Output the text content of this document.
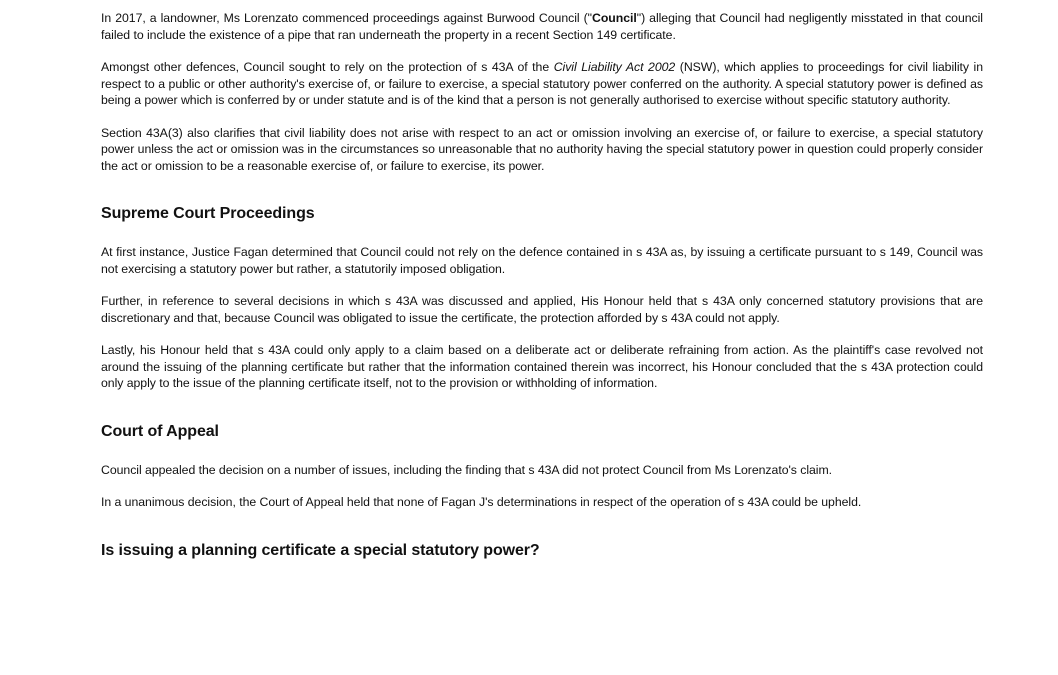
In 2017, a landowner, Ms Lorenzato commenced proceedings against Burwood Council ("Council") alleging that Council had negligently misstated in that council failed to include the existence of a pipe that ran underneath the property in a recent Section 149 certificate.

Amongst other defences, Council sought to rely on the protection of s 43A of the Civil Liability Act 2002 (NSW), which applies to proceedings for civil liability in respect to a public or other authority's exercise of, or failure to exercise, a special statutory power conferred on the authority. A special statutory power is defined as being a power which is conferred by or under statute and is of the kind that a person is not generally authorised to exercise without specific statutory authority.

Section 43A(3) also clarifies that civil liability does not arise with respect to an act or omission involving an exercise of, or failure to exercise, a special statutory power unless the act or omission was in the circumstances so unreasonable that no authority having the special statutory power in question could properly consider the act or omission to be a reasonable exercise of, or failure to exercise, its power.

Supreme Court Proceedings

At first instance, Justice Fagan determined that Council could not rely on the defence contained in s 43A as, by issuing a certificate pursuant to s 149, Council was not exercising a statutory power but rather, a statutorily imposed obligation.

Further, in reference to several decisions in which s 43A was discussed and applied, His Honour held that s 43A only concerned statutory provisions that are discretionary and that, because Council was obligated to issue the certificate, the protection afforded by s 43A could not apply.

Lastly, his Honour held that s 43A could only apply to a claim based on a deliberate act or deliberate refraining from action. As the plaintiff's case revolved not around the issuing of the planning certificate but rather that the information contained therein was incorrect, his Honour concluded that the s 43A protection could only apply to the issue of the planning certificate itself, not to the provision or withholding of information.

Court of Appeal

Council appealed the decision on a number of issues, including the finding that s 43A did not protect Council from Ms Lorenzato's claim.

In a unanimous decision, the Court of Appeal held that none of Fagan J's determinations in respect of the operation of s 43A could be upheld.

Is issuing a planning certificate a special statutory power?
